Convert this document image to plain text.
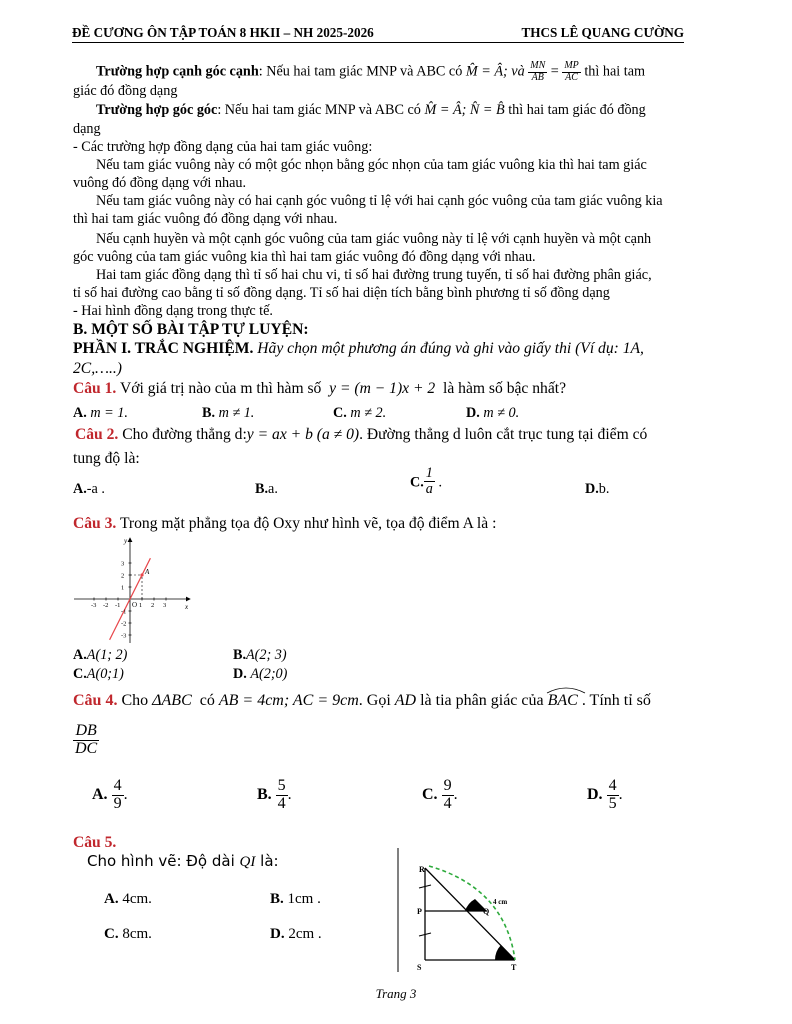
ĐỀ CƯƠNG ÔN TẬP TOÁN 8 HKII – NH 2025-2026	THCS LÊ QUANG CƯỜNG
Trường hợp cạnh góc cạnh: Nếu hai tam giác MNP và ABC có M̂ = Â; và $\frac{MN}{AB} = \frac{MP}{AC}$ thì hai tam
giác đó đồng dạng
Trường hợp góc góc: Nếu hai tam giác MNP và ABC có M̂ = Â; N̂ = B̂ thì hai tam giác đó đồng
dạng
- Các trường hợp đồng dạng của hai tam giác vuông:
Nếu tam giác vuông này có một góc nhọn bằng góc nhọn của tam giác vuông kia thì hai tam giác
vuông đó đồng dạng với nhau.
Nếu tam giác vuông này có hai cạnh góc vuông tỉ lệ với hai cạnh góc vuông của tam giác vuông kia
thì hai tam giác vuông đó đồng dạng với nhau.
Nếu cạnh huyền và một cạnh góc vuông của tam giác vuông này tỉ lệ với cạnh huyền và một cạnh
góc vuông của tam giác vuông kia thì hai tam giác vuông đó đồng dạng với nhau.
Hai tam giác đồng dạng thì tỉ số hai chu vi, tỉ số hai đường trung tuyến, tỉ số hai đường phân giác,
tỉ số hai đường cao bằng tỉ số đồng dạng. Tỉ số hai diện tích bằng bình phương tỉ số đồng dạng
- Hai hình đồng dạng trong thực tế.
B. MỘT SỐ BÀI TẬP TỰ LUYỆN:
PHẦN I. TRẮC NGHIỆM. Hãy chọn một phương án đúng và ghi vào giấy thi (Ví dụ: 1A,
2C,…..)
Câu 1. Với giá trị nào của m thì hàm số y = (m − 1)x + 2 là hàm số bậc nhất?
A. m = 1.	B. m ≠ 1.	C. m ≠ 2.	D. m ≠ 0.
Câu 2. Cho đường thẳng d:y = ax + b (a ≠ 0). Đường thẳng d luôn cắt trục tung tại điểm có
tung độ là:
A.-a .	B.a.	C. $\frac{1}{a}$ .	D.b.
Câu 3. Trong mặt phẳng tọa độ Oxy như hình vẽ, tọa độ điểm A là :
A
x
y
O
-3 -2 -1	1 2 3
3
2
1
-1
-2
-3
A.A(1; 2)	B.A(2; 3)
C.A(0;1)	D. A(2;0)
Câu 4. Cho ΔABC có AB = 4cm; AC = 9cm. Gọi AD là tia phân giác của BAC . Tính tỉ số
$\frac{DB}{DC}$
A. $\frac{4}{9}$ .	B. $\frac{5}{4}$ .	C. $\frac{9}{4}$ .	D. $\frac{4}{5}$ .
Câu 5.
Cho hình vẽ: Độ dài QI là:
A. 4cm.	B. 1cm .
C. 8cm.	D. 2cm .
R
P
S	T
Q
4 cm
Trang 3
